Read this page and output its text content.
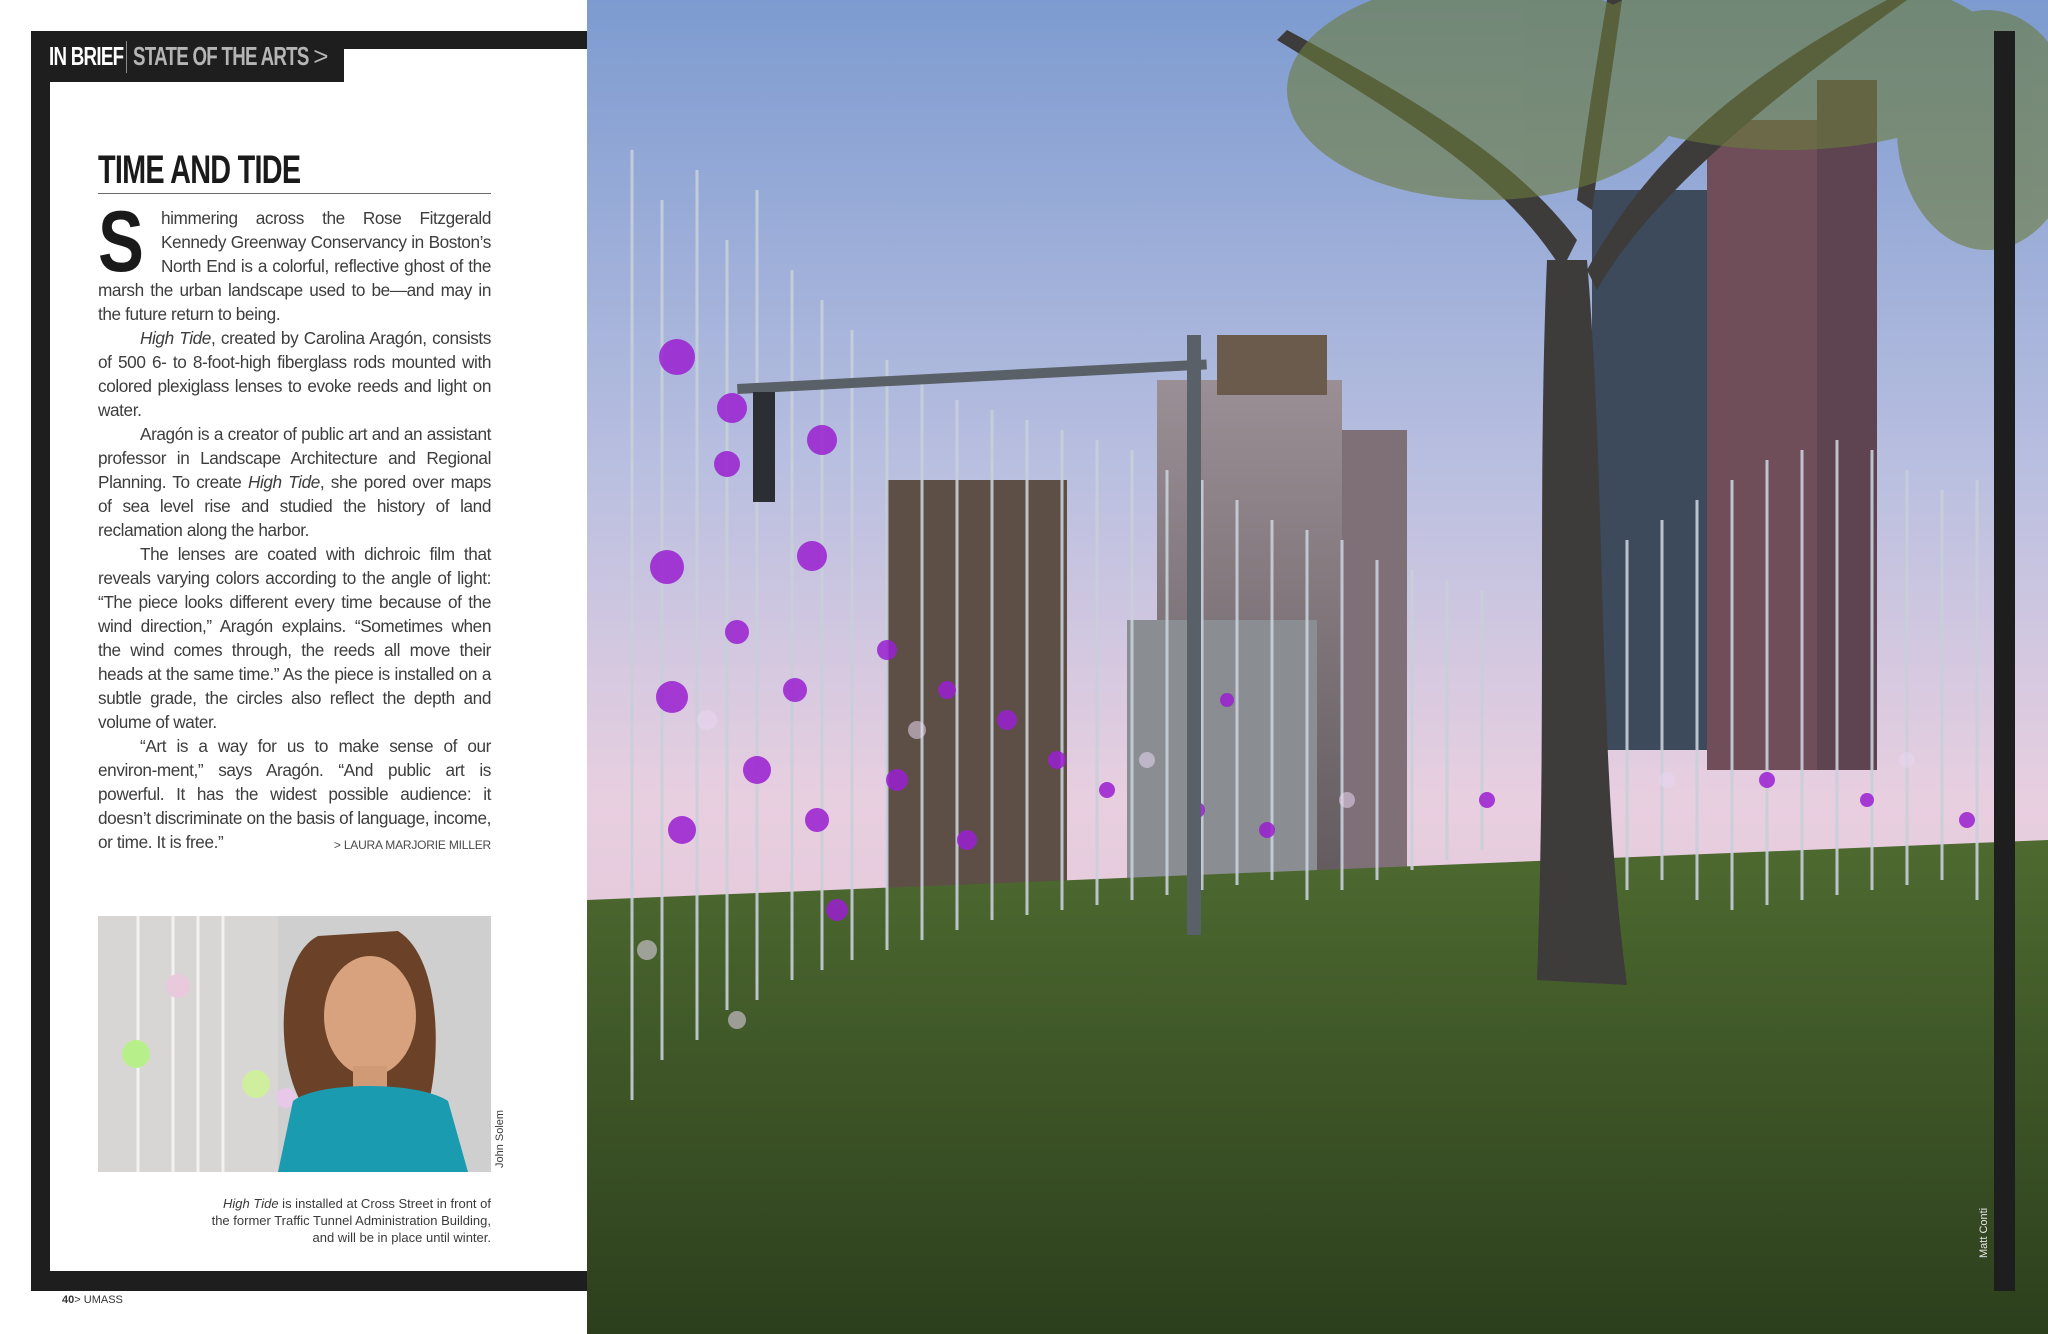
Matt Conti
IN BRIEF STATE OF THE ARTS >
TIME AND TIDE

S himmering across the Rose Fitzgerald Kennedy Greenway Conservancy in Boston’s North End is a colorful, reflective ghost of the marsh the urban landscape used to be—and may in the future return to being.

High Tide, created by Carolina Aragón, consists of 500 6- to 8-foot-high fiberglass rods mounted with colored plexiglass lenses to evoke reeds and light on water.

Aragón is a creator of public art and an assistant professor in Landscape Architecture and Regional Planning. To create High Tide, she pored over maps of sea level rise and studied the history of land reclamation along the harbor.

The lenses are coated with dichroic film that reveals varying colors according to the angle of light: “The piece looks different every time because of the wind direction,” Aragón explains. “Sometimes when the wind comes through, the reeds all move their heads at the same time.” As the piece is installed on a subtle grade, the circles also reflect the depth and volume of water.

“Art is a way for us to make sense of our environ-ment,” says Aragón. “And public art is powerful. It has the widest possible audience: it doesn’t discriminate on the basis of language, income, or time. It is free.”	> LAURA MARJORIE MILLER
John Solem
High Tide is installed at Cross Street in front of the former Traffic Tunnel Administration Building, and will be in place until winter.
40> UMASS
